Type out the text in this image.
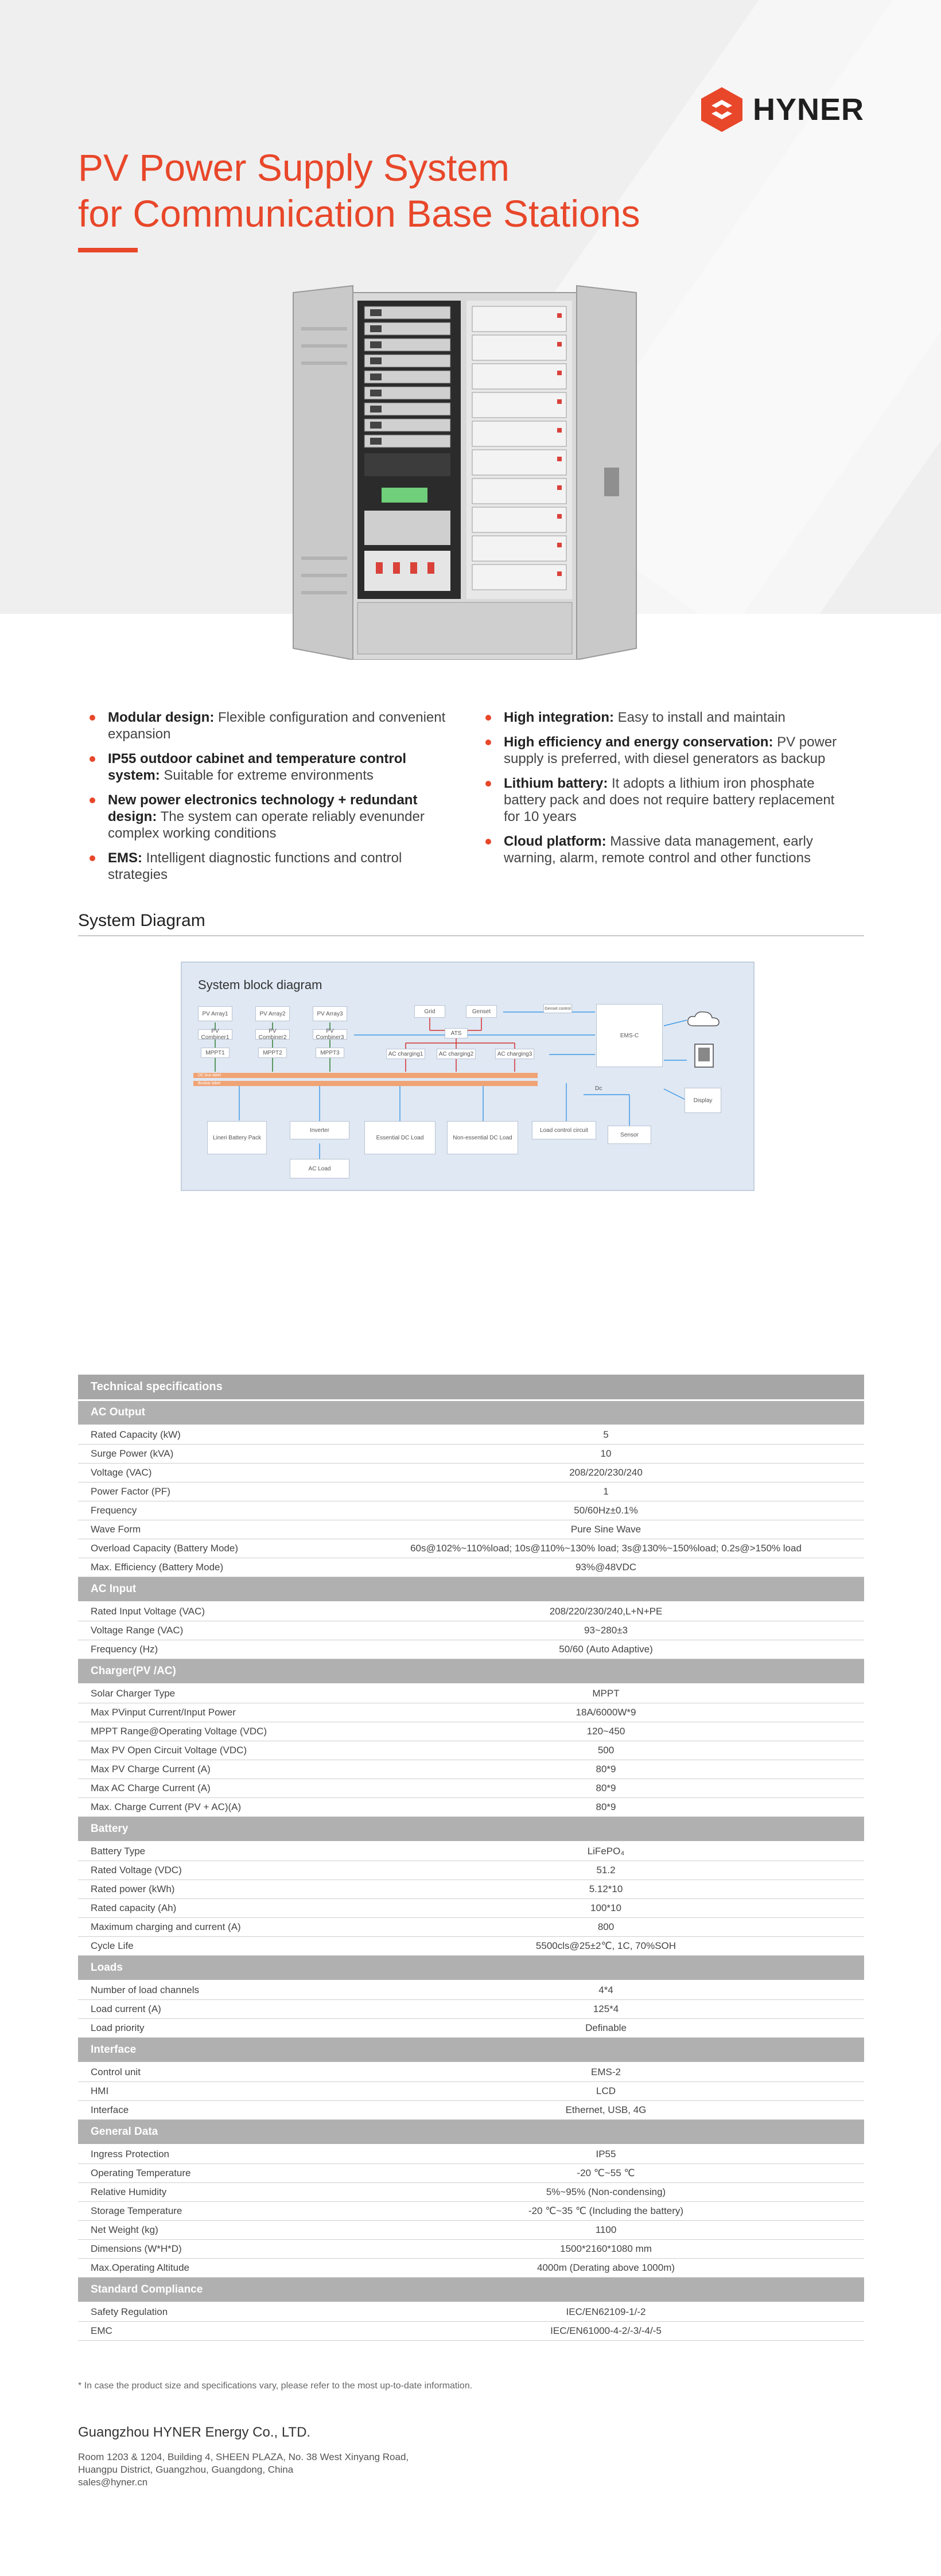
HYNER
PV Power Supply System
for Communication Base Stations
Modular design: Flexible configuration and convenient expansion
IP55 outdoor cabinet and temperature control system: Suitable for extreme environments
New power electronics technology + redundant design: The system can operate reliably evenunder complex working conditions
EMS: Intelligent diagnostic functions and control strategies
High integration: Easy to install and maintain
High efficiency and energy conservation: PV power supply is preferred, with diesel generators as backup
Lithium battery: It adopts a lithium iron phosphate battery pack and does not require battery replacement for 10 years
Cloud platform: Massive data management, early warning, alarm, remote control and other functions
System Diagram
System block diagram
PV Array1	PV Array2	PV Array3
PV Combiner1
PV Combiner2
PV Combiner3
MPPT1	MPPT2	MPPT3
Grid	Genset	Genset control
ATS
AC charging1	AC charging2	AC charging3
EMS-C
Dc
Display
DC bus label
Busbar label
Lineri Battery Pack
Inverter
Essential DC Load	Non-essential DC Load
Load control circuit
Sensor
AC Load
Technical specifications	
AC Output	
Rated Capacity (kW)	5
Surge Power (kVA)	10
Voltage (VAC)	208/220/230/240
Power Factor (PF)	1
Frequency	50/60Hz±0.1%
Wave Form	Pure Sine Wave
Overload Capacity (Battery Mode)	60s@102%~110%load; 10s@110%~130% load; 3s@130%~150%load; 0.2s@>150% load
Max. Efficiency (Battery Mode)	93%@48VDC
AC Input	
Rated Input Voltage (VAC)	208/220/230/240,L+N+PE
Voltage Range (VAC)	93~280±3
Frequency (Hz)	50/60 (Auto Adaptive)
Charger(PV /AC)	
Solar Charger Type	MPPT
Max PVinput Current/Input Power	18A/6000W*9
MPPT Range@Operating Voltage (VDC)	120~450
Max PV Open Circuit Voltage (VDC)	500
Max PV Charge Current (A)	80*9
Max AC Charge Current (A)	80*9
Max. Charge Current (PV + AC)(A)	80*9
Battery	
Battery Type	LiFePO₄
Rated Voltage (VDC)	51.2
Rated power (kWh)	5.12*10
Rated capacity (Ah)	100*10
Maximum charging and current (A)	800
Cycle Life	5500cls@25±2℃, 1C, 70%SOH
Loads	
Number of load channels	4*4
Load current (A)	125*4
Load priority	Definable
Interface	
Control unit	EMS-2
HMI	LCD
Interface	Ethernet, USB, 4G
General Data	
Ingress Protection	IP55
Operating Temperature	-20 ℃~55 ℃
Relative Humidity	5%~95% (Non-condensing)
Storage Temperature	-20 ℃~35 ℃ (Including the battery)
Net Weight (kg)	1100
Dimensions (W*H*D)	1500*2160*1080 mm
Max.Operating Altitude	4000m (Derating above 1000m)
Standard Compliance	
Safety Regulation	IEC/EN62109-1/-2
EMC	IEC/EN61000-4-2/-3/-4/-5
* In case the product size and specifications vary, please refer to the most up-to-date information.
Guangzhou HYNER Energy Co., LTD.
Room 1203 & 1204, Building 4, SHEEN PLAZA, No. 38 West Xinyang Road,
Huangpu District, Guangzhou, Guangdong, China
sales@hyner.cn
